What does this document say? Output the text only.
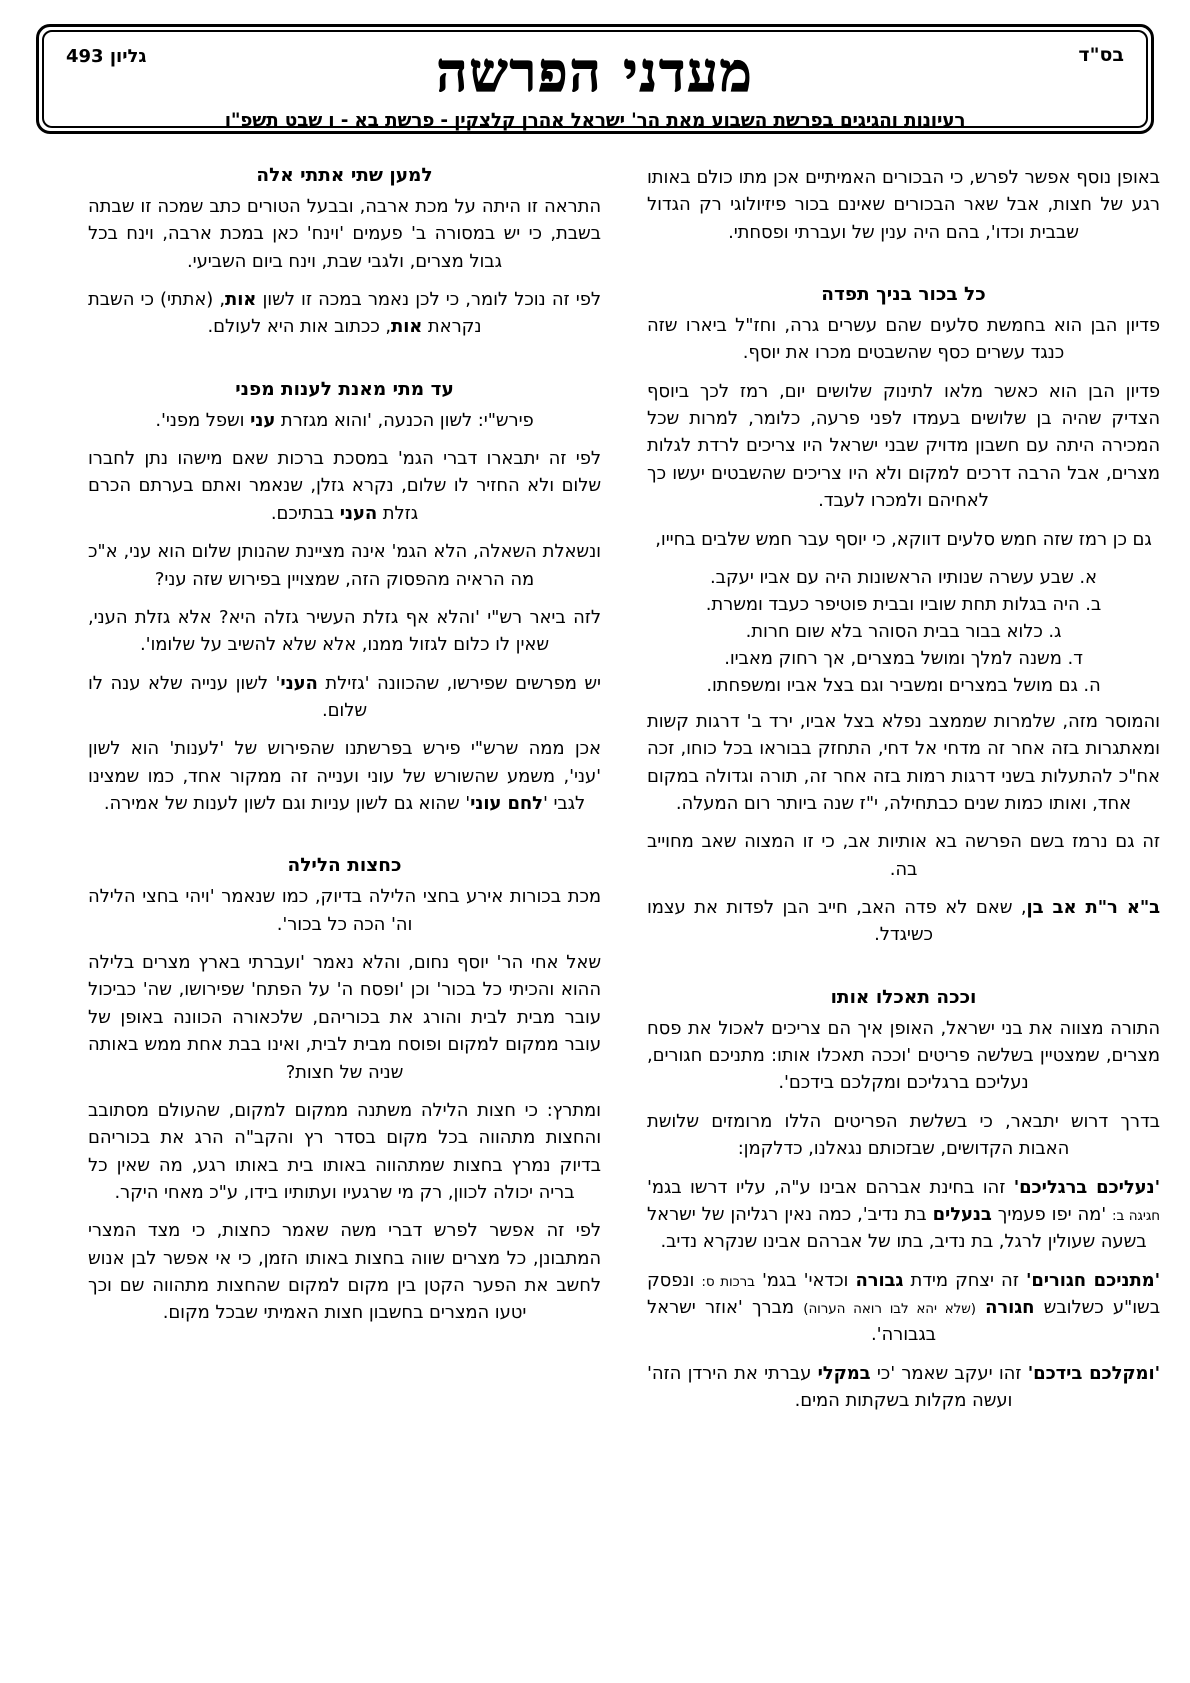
בס"ד
גליון 493	מעדני הפרשה
רעיונות והגיגים בפרשת השבוע מאת הר' ישראל אהרן קלצקין - פרשת בא - ו שבט תשפ"ו

באופן נוסף אפשר לפרש, כי הבכורים האמיתיים אכן מתו כולם באותו רגע של חצות, אבל שאר הבכורים שאינם בכור פיזיולוגי רק הגדול שבבית וכדו', בהם היה ענין של ועברתי ופסחתי.

כל בכור בניך תפדה

פדיון הבן הוא בחמשת סלעים שהם עשרים גרה, וחז"ל ביארו שזה כנגד עשרים כסף שהשבטים מכרו את יוסף.

פדיון הבן הוא כאשר מלאו לתינוק שלושים יום, רמז לכך ביוסף הצדיק שהיה בן שלושים בעמדו לפני פרעה, כלומר, למרות שכל המכירה היתה עם חשבון מדויק שבני ישראל היו צריכים לרדת לגלות מצרים, אבל הרבה דרכים למקום ולא היו צריכים שהשבטים יעשו כך לאחיהם ולמכרו לעבד.

גם כן רמז שזה חמש סלעים דווקא, כי יוסף עבר חמש שלבים בחייו,

א. שבע עשרה שנותיו הראשונות היה עם אביו יעקב.
ב. היה בגלות תחת שוביו ובבית פוטיפר כעבד ומשרת.
ג. כלוא בבור בבית הסוהר בלא שום חרות.
ד. משנה למלך ומושל במצרים, אך רחוק מאביו.
ה. גם מושל במצרים ומשביר וגם בצל אביו ומשפחתו.

והמוסר מזה, שלמרות שממצב נפלא בצל אביו, ירד ב' דרגות קשות ומאתגרות בזה אחר זה מדחי אל דחי, התחזק בבוראו בכל כוחו, זכה אח"כ להתעלות בשני דרגות רמות בזה אחר זה, תורה וגדולה במקום אחד, ואותו כמות שנים כבתחילה, י"ז שנה ביותר רום המעלה.

זה גם נרמז בשם הפרשה בא אותיות אב, כי זו המצוה שאב מחוייב בה.

ב"א ר"ת אב בן, שאם לא פדה האב, חייב הבן לפדות את עצמו כשיגדל.

וככה תאכלו אותו

התורה מצווה את בני ישראל, האופן איך הם צריכים לאכול את פסח מצרים, שמצטיין בשלשה פריטים 'וככה תאכלו אותו: מתניכם חגורים, נעליכם ברגליכם ומקלכם בידכם'.

בדרך דרוש יתבאר, כי בשלשת הפריטים הללו מרומזים שלושת האבות הקדושים, שבזכותם נגאלנו, כדלקמן:

'נעליכם ברגליכם' זהו בחינת אברהם אבינו ע"ה, עליו דרשו בגמ' חגיגה ב: 'מה יפו פעמיך בנעלים בת נדיב', כמה נאין רגליהן של ישראל בשעה שעולין לרגל, בת נדיב, בתו של אברהם אבינו שנקרא נדיב.

'מתניכם חגורים' זה יצחק מידת גבורה וכדאי' בגמ' ברכות ס: ונפסק בשו"ע כשלובש חגורה (שלא יהא לבו רואה הערוה) מברך 'אוזר ישראל בגבורה'.

'ומקלכם בידכם' זהו יעקב שאמר 'כי במקלי עברתי את הירדן הזה' ועשה מקלות בשקתות המים.

למען שתי אתתי אלה

התראה זו היתה על מכת ארבה, ובבעל הטורים כתב שמכה זו שבתה בשבת, כי יש במסורה ב' פעמים 'וינח' כאן במכת ארבה, וינח בכל גבול מצרים, ולגבי שבת, וינח ביום השביעי.

לפי זה נוכל לומר, כי לכן נאמר במכה זו לשון אות, (אתתי) כי השבת נקראת אות, ככתוב אות היא לעולם.

עד מתי מאנת לענות מפני

פירש"י: לשון הכנעה, 'והוא מגזרת עני ושפל מפני'.

לפי זה יתבארו דברי הגמ' במסכת ברכות שאם מישהו נתן לחברו שלום ולא החזיר לו שלום, נקרא גזלן, שנאמר ואתם בערתם הכרם גזלת העני בבתיכם.

ונשאלת השאלה, הלא הגמ' אינה מציינת שהנותן שלום הוא עני, א"כ מה הראיה מהפסוק הזה, שמצויין בפירוש שזה עני?

לזה ביאר רש"י 'והלא אף גזלת העשיר גזלה היא? אלא גזלת העני, שאין לו כלום לגזול ממנו, אלא שלא להשיב על שלומו'.

יש מפרשים שפירשו, שהכוונה 'גזילת העני' לשון ענייה שלא ענה לו שלום.

אכן ממה שרש"י פירש בפרשתנו שהפירוש של 'לענות' הוא לשון 'עני', משמע שהשורש של עוני וענייה זה ממקור אחד, כמו שמצינו לגבי 'לחם עוני' שהוא גם לשון עניות וגם לשון לענות של אמירה.

כחצות הלילה

מכת בכורות אירע בחצי הלילה בדיוק, כמו שנאמר 'ויהי בחצי הלילה וה' הכה כל בכור'.

שאל אחי הר' יוסף נחום, והלא נאמר 'ועברתי בארץ מצרים בלילה ההוא והכיתי כל בכור' וכן 'ופסח ה' על הפתח' שפירושו, שה' כביכול עובר מבית לבית והורג את בכוריהם, שלכאורה הכוונה באופן של עובר ממקום למקום ופוסח מבית לבית, ואינו בבת אחת ממש באותה שניה של חצות?

ומתרץ: כי חצות הלילה משתנה ממקום למקום, שהעולם מסתובב והחצות מתהווה בכל מקום בסדר רץ והקב"ה הרג את בכוריהם בדיוק נמרץ בחצות שמתהווה באותו בית באותו רגע, מה שאין כל בריה יכולה לכוון, רק מי שרגעיו ועתותיו בידו, ע"כ מאחי היקר.

לפי זה אפשר לפרש דברי משה שאמר כחצות, כי מצד המצרי המתבונן, כל מצרים שווה בחצות באותו הזמן, כי אי אפשר לבן אנוש לחשב את הפער הקטן בין מקום למקום שהחצות מתהווה שם וכך יטעו המצרים בחשבון חצות האמיתי שבכל מקום.
